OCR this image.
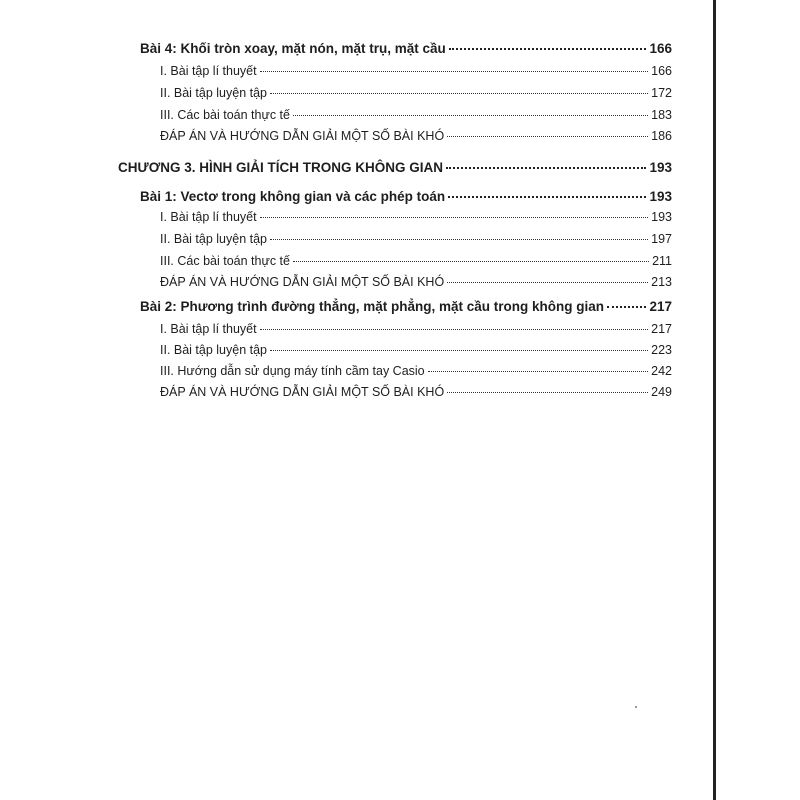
Bài 4: Khối tròn xoay, mặt nón, mặt trụ, mặt cầu	166
I. Bài tập lí thuyết	166
II. Bài tập luyện tập	172
III. Các bài toán thực tế	183
ĐÁP ÁN VÀ HƯỚNG DẪN GIẢI MỘT SỐ BÀI KHÓ	186
CHƯƠNG 3. HÌNH GIẢI TÍCH TRONG KHÔNG GIAN	193
Bài 1: Vectơ trong không gian và các phép toán	193
I. Bài tập lí thuyết	193
II. Bài tập luyện tập	197
III. Các bài toán thực tế	211
ĐÁP ÁN VÀ HƯỚNG DẪN GIẢI MỘT SỐ BÀI KHÓ	213
Bài 2: Phương trình đường thẳng, mặt phẳng, mặt cầu trong không gian	217
I. Bài tập lí thuyết	217
II. Bài tập luyện tập	223
III. Hướng dẫn sử dụng máy tính cầm tay Casio	242
ĐÁP ÁN VÀ HƯỚNG DẪN GIẢI MỘT SỐ BÀI KHÓ	249
